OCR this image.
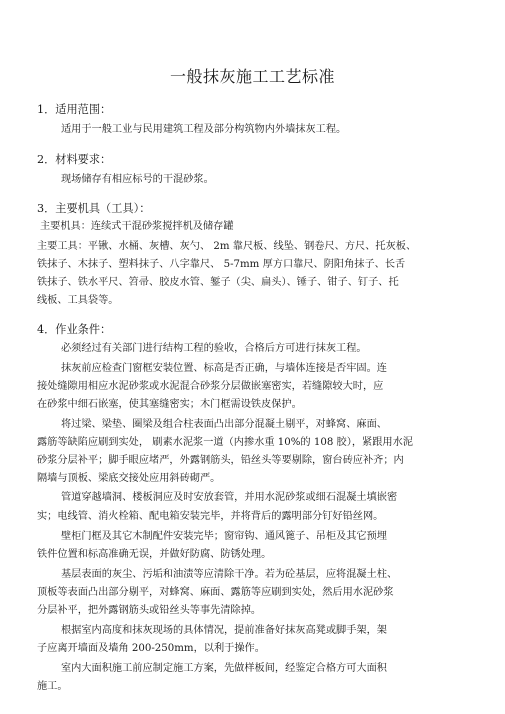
一般抹灰施工工艺标准
1．适用范围：
适用于一般工业与民用建筑工程及部分构筑物内外墙抹灰工程。
2．材料要求：
现场储存有相应标号的干混砂浆。
3．主要机具（工具）：
主要机具：连续式干混砂浆搅拌机及储存罐
主要工具：平锹、水桶、灰槽、灰勺、 2m 靠尺板、线坠、钢卷尺、方尺、托灰板、
铁抹子、木抹子、塑料抹子、八字靠尺、 5-7mm 厚方口靠尺、阴阳角抹子、长舌
铁抹子、铁水平尺、笤帚、胶皮水管、錾子（尖、扁头）、锤子、钳子、钉子、托
线板、工具袋等。
4．作业条件：
必须经过有关部门进行结构工程的验收，合格后方可进行抹灰工程。
抹灰前应检查门窗框安装位置、标高是否正确，与墙体连接是否牢固。连
接处缝隙用相应水泥砂浆或水泥混合砂浆分层做嵌塞密实，若缝隙较大时，应
在砂浆中细石嵌塞，使其塞缝密实；木门框需设铁皮保护。
将过梁、梁垫、圈梁及组合柱表面凸出部分混凝土剔平，对蜂窝、麻面、
露筋等缺陷应刷到实处， 刷素水泥浆一道（内掺水重 10%的 108 胶），紧跟用水泥
砂浆分层补平；脚手眼应堵严，外露钢筋头，铅丝头等要剔除，窗台砖应补齐；内
隔墙与顶板、梁底交接处应用斜砖砌严。
管道穿越墙洞、楼板洞应及时安放套管，并用水泥砂浆或细石混凝土填嵌密
实；电线管、消火栓箱、配电箱安装完毕，并将背后的露明部分钉好铅丝网。
壁柜门框及其它木制配件安装完毕；窗帘钩、通风篦子、吊柜及其它预埋
铁件位置和标高准确无误，并做好防腐、防锈处理。
基层表面的灰尘、污垢和油渍等应清除干净。若为砼基层，应将混凝土柱、
顶板等表面凸出部分剔平，对蜂窝、麻面、露筋等应刷到实处，然后用水泥砂浆
分层补平，把外露钢筋头或铅丝头等事先清除掉。
根据室内高度和抹灰现场的具体情况，提前准备好抹灰高凳或脚手架，架
子应离开墙面及墙角 200-250mm，以利于操作。
室内大面积施工前应制定施工方案，先做样板间，经鉴定合格方可大面积
施工。
